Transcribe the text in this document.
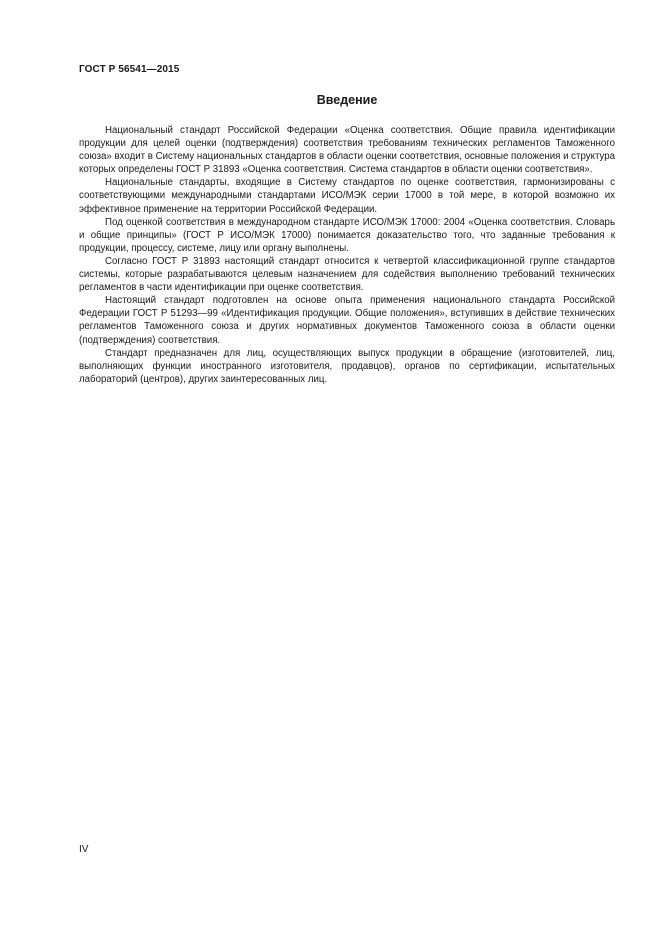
ГОСТ Р 56541—2015
Введение

Национальный стандарт Российской Федерации «Оценка соответствия. Общие правила идентификации продукции для целей оценки (подтверждения) соответствия требованиям технических регламентов Таможенного союза» входит в Систему национальных стандартов в области оценки соответствия, основные положения и структура которых определены ГОСТ Р 31893 «Оценка соответствия. Система стандартов в области оценки соответствия».

Национальные стандарты, входящие в Систему стандартов по оценке соответствия, гармонизированы с соответствующими международными стандартами ИСО/МЭК серии 17000 в той мере, в которой возможно их эффективное применение на территории Российской Федерации.

Под оценкой соответствия в международном стандарте ИСО/МЭК 17000: 2004 «Оценка соответствия. Словарь и общие принципы» (ГОСТ Р ИСО/МЭК 17000) понимается доказательство того, что заданные требования к продукции, процессу, системе, лицу или органу выполнены.

Согласно ГОСТ Р 31893 настоящий стандарт относится к четвертой классификационной группе стандартов системы, которые разрабатываются целевым назначением для содействия выполнению требований технических регламентов в части идентификации при оценке соответствия.

Настоящий стандарт подготовлен на основе опыта применения национального стандарта Российской Федерации ГОСТ Р 51293—99 «Идентификация продукции. Общие положения», вступивших в действие технических регламентов Таможенного союза и других нормативных документов Таможенного союза в области оценки (подтверждения) соответствия.

Стандарт предназначен для лиц, осуществляющих выпуск продукции в обращение (изготовителей, лиц, выполняющих функции иностранного изготовителя, продавцов), органов по сертификации, испытательных лабораторий (центров), других заинтересованных лиц.

IV
